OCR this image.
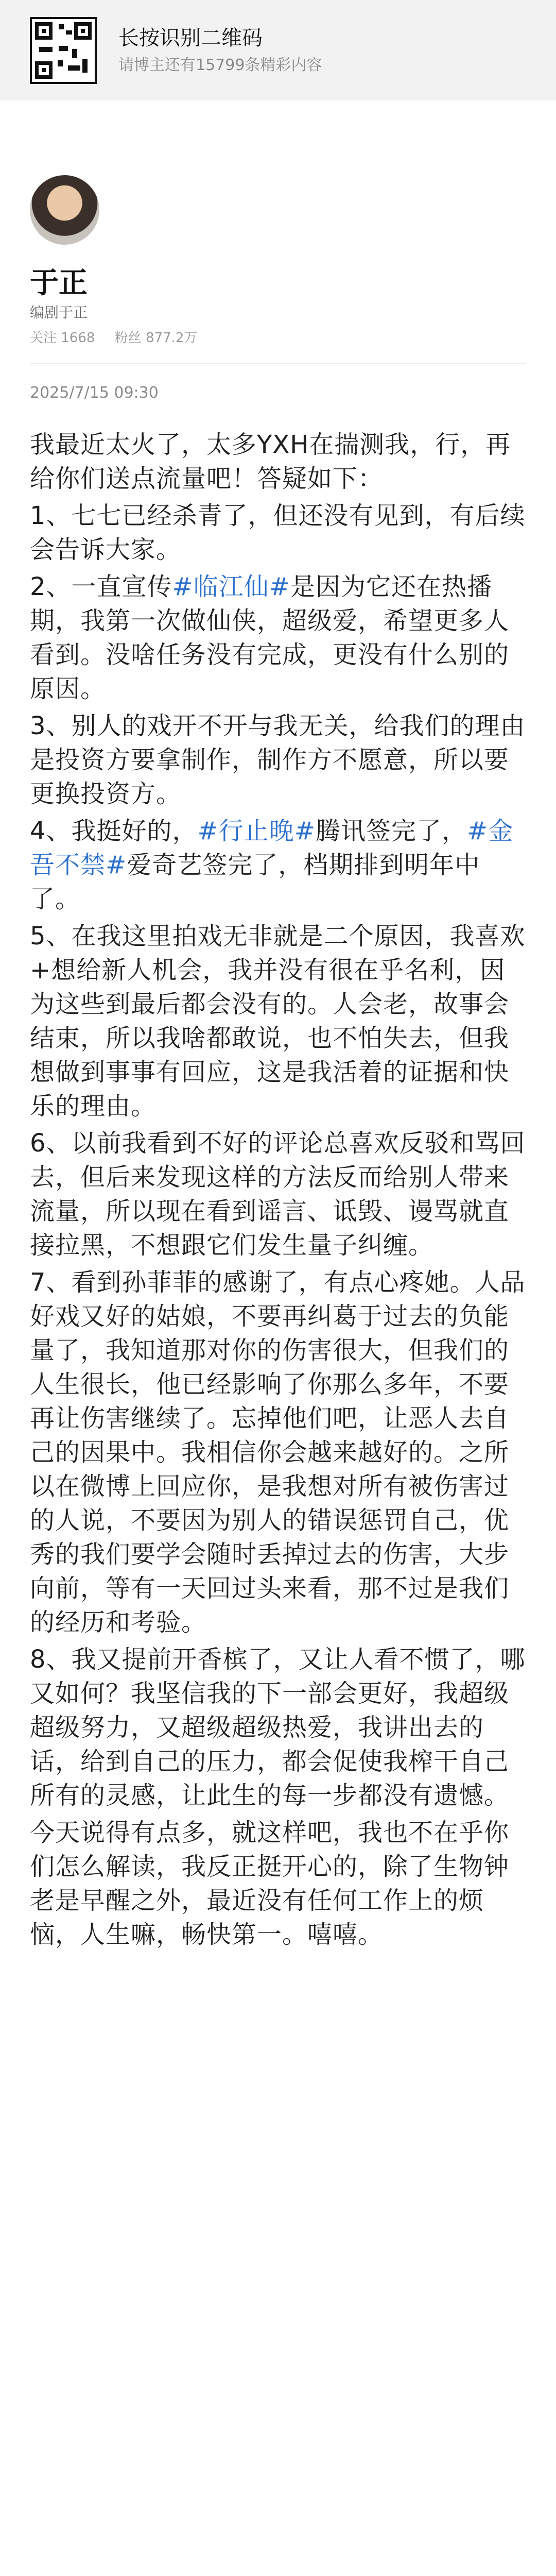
长按识别二维码
请博主还有15799条精彩内容
于正
编剧于正
关注 1668 粉丝 877.2万
2025/7/15 09:30

我最近太火了，太多YXH在揣测我，行，再给你们送点流量吧！答疑如下：

1、七七已经杀青了，但还没有见到，有后续会告诉大家。

2、一直宣传#临江仙#是因为它还在热播期，我第一次做仙侠，超级爱，希望更多人看到。没啥任务没有完成，更没有什么别的原因。

3、别人的戏开不开与我无关，给我们的理由是投资方要拿制作，制作方不愿意，所以要更换投资方。

4、我挺好的，#行止晚#腾讯签完了，#金吾不禁#爱奇艺签完了，档期排到明年中了。

5、在我这里拍戏无非就是二个原因，我喜欢+想给新人机会，我并没有很在乎名利，因为这些到最后都会没有的。人会老，故事会结束，所以我啥都敢说，也不怕失去，但我想做到事事有回应，这是我活着的证据和快乐的理由。

6、以前我看到不好的评论总喜欢反驳和骂回去，但后来发现这样的方法反而给别人带来流量，所以现在看到谣言、诋毁、谩骂就直接拉黑，不想跟它们发生量子纠缠。

7、看到孙菲菲的感谢了，有点心疼她。人品好戏又好的姑娘，不要再纠葛于过去的负能量了，我知道那对你的伤害很大，但我们的人生很长，他已经影响了你那么多年，不要再让伤害继续了。忘掉他们吧，让恶人去自己的因果中。我相信你会越来越好的。之所以在微博上回应你，是我想对所有被伤害过的人说，不要因为别人的错误惩罚自己，优秀的我们要学会随时丢掉过去的伤害，大步向前，等有一天回过头来看，那不过是我们的经历和考验。

8、我又提前开香槟了，又让人看不惯了，哪又如何？我坚信我的下一部会更好，我超级超级努力，又超级超级热爱，我讲出去的话，给到自己的压力，都会促使我榨干自己所有的灵感，让此生的每一步都没有遗憾。

今天说得有点多，就这样吧，我也不在乎你们怎么解读，我反正挺开心的，除了生物钟老是早醒之外，最近没有任何工作上的烦恼，人生嘛，畅快第一。嘻嘻。
